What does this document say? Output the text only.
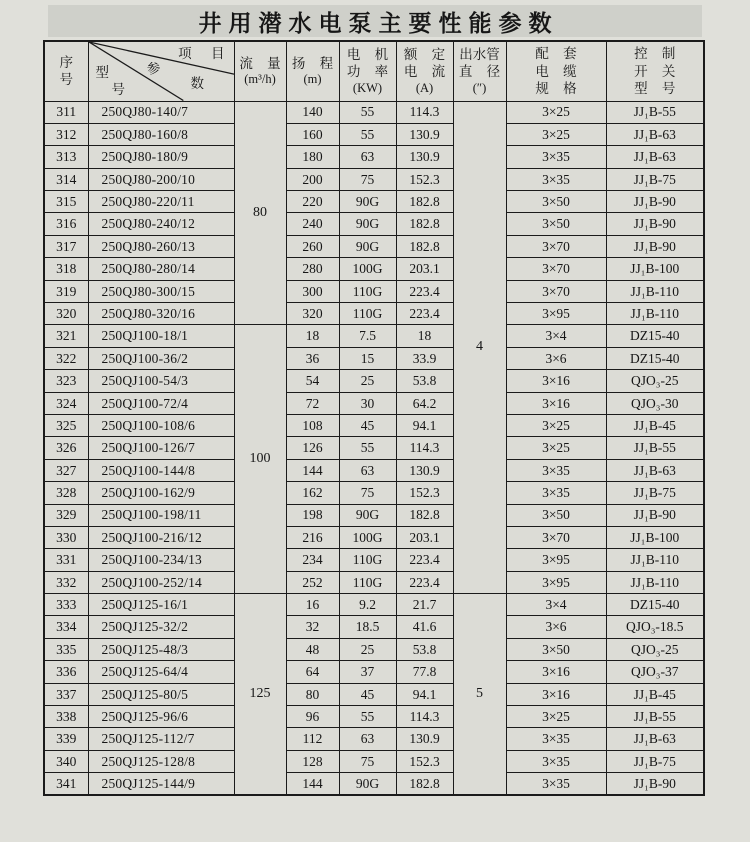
井用潜水电泵主要性能参数
序
号

项 目
参
数
型
号

流 量
(m³/h)

扬 程
(m)

电 机
功 率
(KW)

额 定
电 流
(A)

出水管
直 径
(″)

配 套
电 缆
规 格

控 制
开 关
型 号

311	250QJ80-140/7	80	140	55	114.3	4	3×25	JJ₁B-55
312	250QJ80-160/8		160	55	130.9		3×25	JJ₁B-63
313	250QJ80-180/9		180	63	130.9		3×35	JJ₁B-63
314	250QJ80-200/10		200	75	152.3		3×35	JJ₁B-75
315	250QJ80-220/11		220	90G	182.8		3×50	JJ₁B-90
316	250QJ80-240/12		240	90G	182.8		3×50	JJ₁B-90
317	250QJ80-260/13		260	90G	182.8		3×70	JJ₁B-90
318	250QJ80-280/14		280	100G	203.1		3×70	JJ₁B-100
319	250QJ80-300/15		300	110G	223.4		3×70	JJ₁B-110
320	250QJ80-320/16		320	110G	223.4		3×95	JJ₁B-110
321	250QJ100-18/1	100	18	7.5	18		3×4	DZ15-40
322	250QJ100-36/2		36	15	33.9		3×6	DZ15-40
323	250QJ100-54/3		54	25	53.8		3×16	QJO₃-25
324	250QJ100-72/4		72	30	64.2		3×16	QJO₃-30
325	250QJ100-108/6		108	45	94.1		3×25	JJ₁B-45
326	250QJ100-126/7		126	55	114.3		3×25	JJ₁B-55
327	250QJ100-144/8		144	63	130.9		3×35	JJ₁B-63
328	250QJ100-162/9		162	75	152.3		3×35	JJ₁B-75
329	250QJ100-198/11		198	90G	182.8		3×50	JJ₁B-90
330	250QJ100-216/12		216	100G	203.1		3×70	JJ₁B-100
331	250QJ100-234/13		234	110G	223.4		3×95	JJ₁B-110
332	250QJ100-252/14		252	110G	223.4		3×95	JJ₁B-110
333	250QJ125-16/1	125	16	9.2	21.7	5	3×4	DZ15-40
334	250QJ125-32/2		32	18.5	41.6		3×6	QJO₃-18.5
335	250QJ125-48/3		48	25	53.8		3×50	QJO₃-25
336	250QJ125-64/4		64	37	77.8		3×16	QJO₃-37
337	250QJ125-80/5		80	45	94.1		3×16	JJ₁B-45
338	250QJ125-96/6		96	55	114.3		3×25	JJ₁B-55
339	250QJ125-112/7		112	63	130.9		3×35	JJ₁B-63
340	250QJ125-128/8		128	75	152.3		3×35	JJ₁B-75
341	250QJ125-144/9		144	90G	182.8		3×35	JJ₁B-90
